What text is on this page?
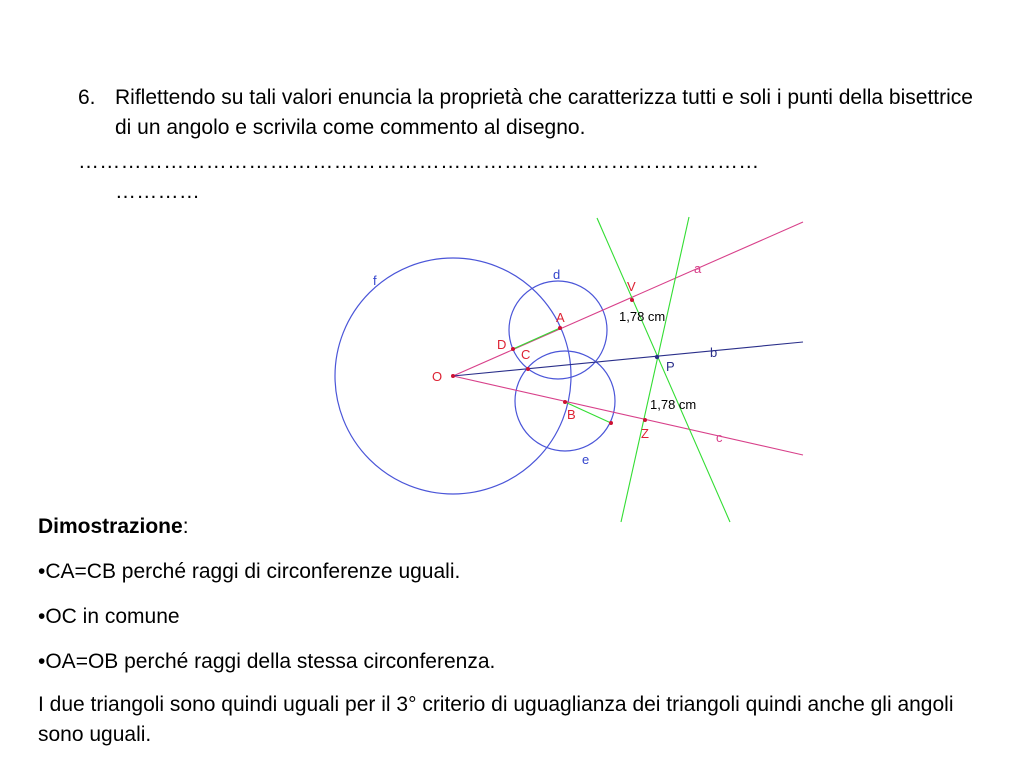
6. Riflettendo su tali valori enuncia la proprietà che caratterizza tutti e soli i punti della bisettrice di un angolo e scrivila come commento al disegno.
……………………………………………………………………………………
…………
f	d
e
a
b
c
O
A
D
C
B
V
P
Z
1,78 cm
1,78 cm

Dimostrazione:

•CA=CB perché raggi di circonferenze uguali.

•OC in comune

•OA=OB perché raggi della stessa circonferenza.

I due triangoli sono quindi uguali per il 3° criterio di uguaglianza dei triangoli quindi anche gli angoli sono uguali.
